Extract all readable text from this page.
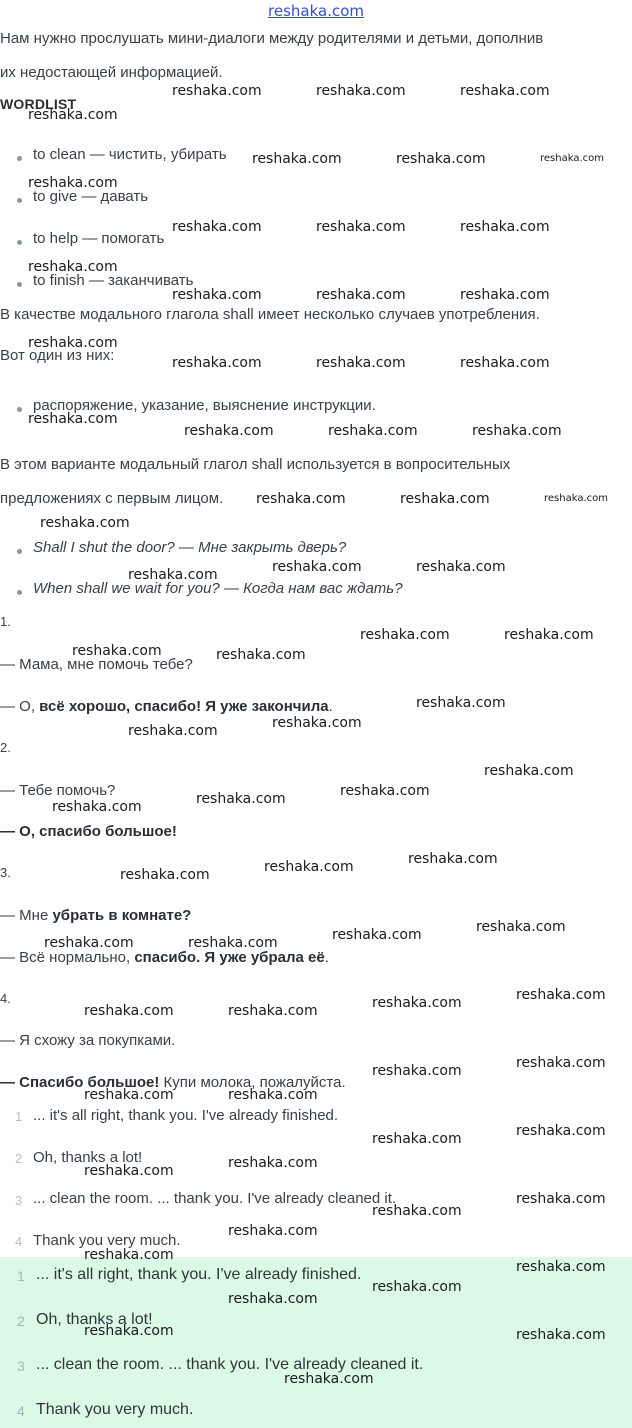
reshaka.com
Нам нужно прослушать мини-диалоги между родителями и детьми, дополнив
их недостающей информацией.
WORDLIST
to clean — чистить, убирать
to give — давать
to help — помогать
to finish — заканчивать
В качестве модального глагола shall имеет несколько случаев употребления.
Вот один из них:
распоряжение, указание, выяснение инструкции.
В этом варианте модальный глагол shall используется в вопросительных
предложениях с первым лицом.
Shall I shut the door? — Мне закрыть дверь?
When shall we wait for you? — Когда нам вас ждать?
1.
— Мама, мне помочь тебе?
— О, всё хорошо, спасибо! Я уже закончила.
2.
— Тебе помочь?
— О, спасибо большое!
3.
— Мне убрать в комнате?
— Всё нормально, спасибо. Я уже убрала её.
4.
— Я схожу за покупками.
— Спасибо большое! Купи молока, пожалуйста.
1 ... it's all right, thank you. I've already finished.
2 Oh, thanks a lot!
3 ... clean the room. ... thank you. I've already cleaned it.
4 Thank you very much.
1 ... it's all right, thank you. I've already finished.
2 Oh, thanks a lot!
3 ... clean the room. ... thank you. I've already cleaned it.
4 Thank you very much.
reshaka.com	reshaka.com	reshaka.com
reshaka.com
reshaka.com	reshaka.com	reshaka.com
reshaka.com
reshaka.com	reshaka.com	reshaka.com
reshaka.com
reshaka.com	reshaka.com	reshaka.com
reshaka.com
reshaka.com	reshaka.com	reshaka.com
reshaka.com
reshaka.com	reshaka.com	reshaka.com
reshaka.com	reshaka.com	reshaka.com
reshaka.com
reshaka.com	reshaka.com
reshaka.com
reshaka.com	reshaka.com
reshaka.com	reshaka.com
reshaka.com
reshaka.com
reshaka.com
reshaka.com
reshaka.com
reshaka.com
reshaka.com
reshaka.com
reshaka.com
reshaka.com
reshaka.com
reshaka.com
reshaka.com	reshaka.com
reshaka.com
reshaka.com
reshaka.com	reshaka.com
reshaka.com
reshaka.com
reshaka.com	reshaka.com
reshaka.com
reshaka.com
reshaka.com
reshaka.com
reshaka.com
reshaka.com
reshaka.com
reshaka.com
reshaka.com
reshaka.com
reshaka.com
reshaka.com	reshaka.com
reshaka.com
